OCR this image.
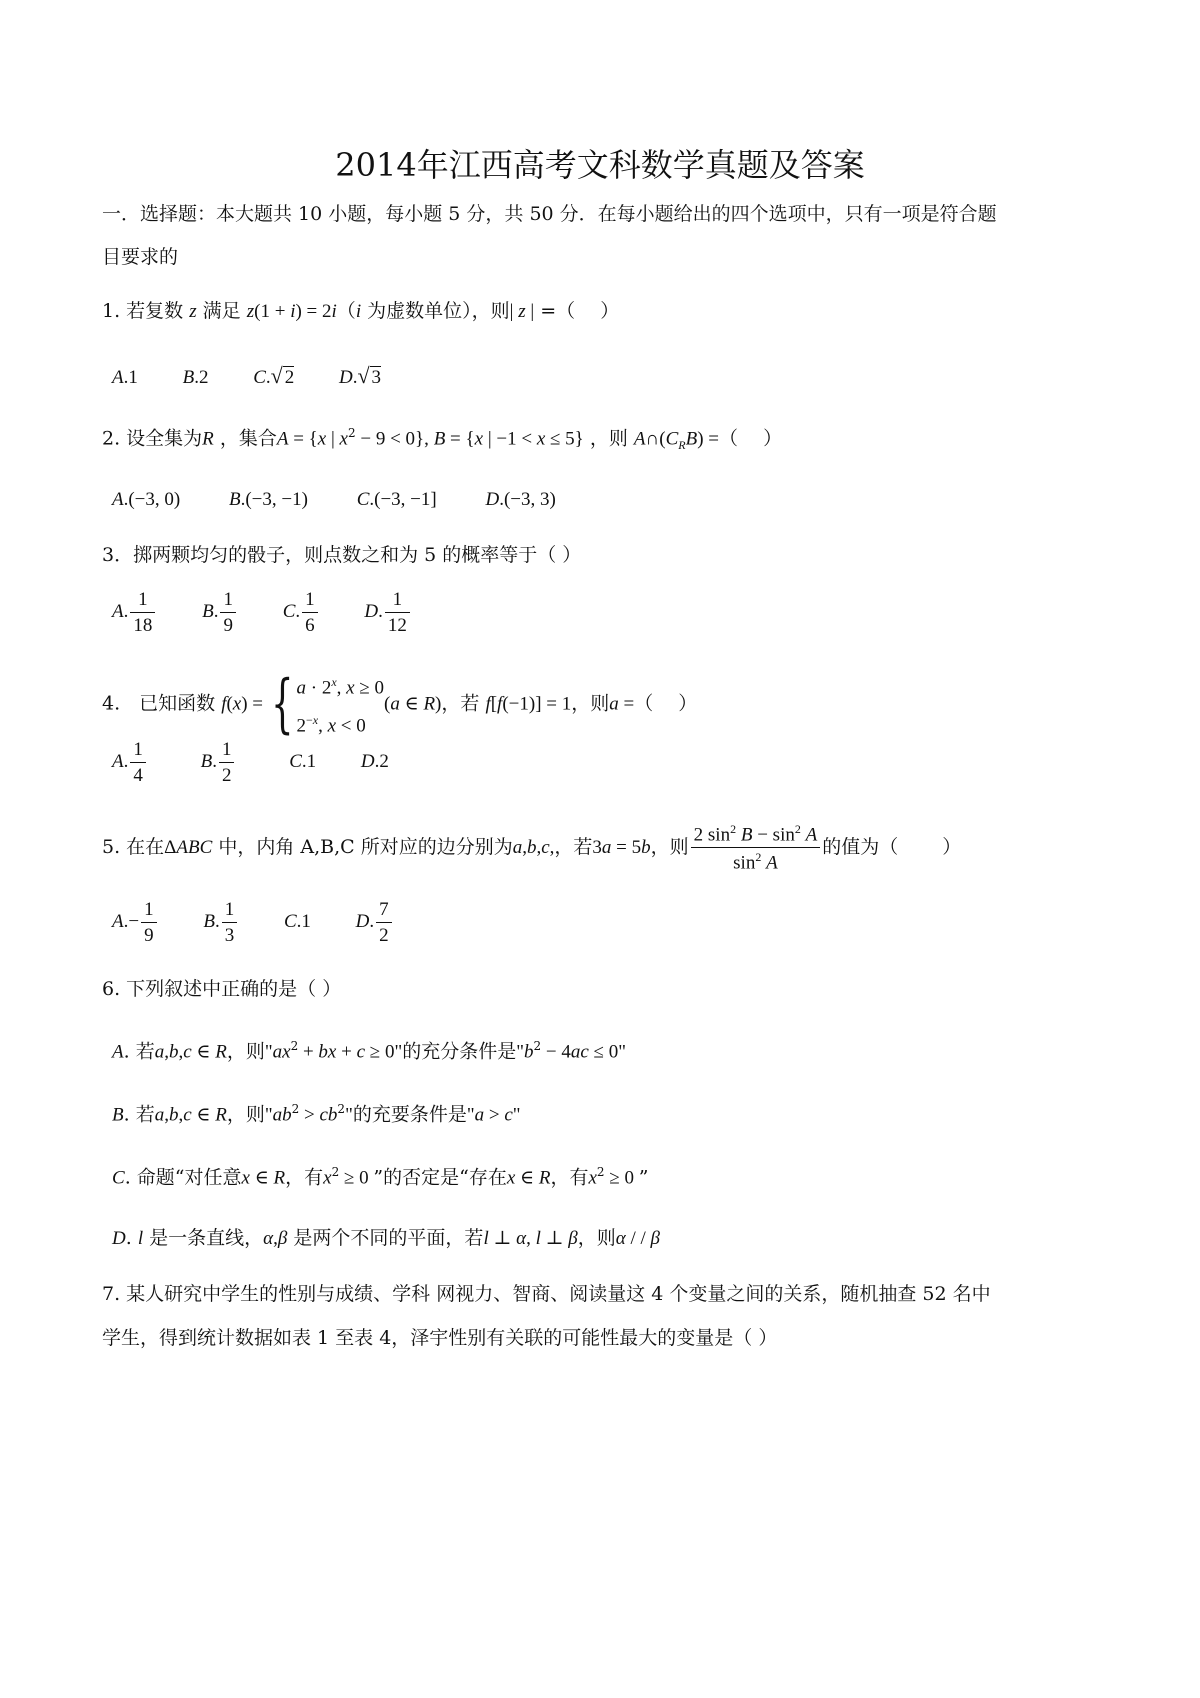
2014年江西高考文科数学真题及答案
一．选择题：本大题共 10 小题，每小题 5 分，共 50 分．在每小题给出的四个选项中，只有一项是符合题
目要求的
1. 若复数 z 满足 z(1 + i) = 2i（i 为虚数单位），则| z | =（　 ）
A.1 B.2 C.√ 2 D.√ 3
2. 设全集为R ，集合A = {x | $x^2 - 9 < 0$}, B = {x | −1 < x ≤ 5} ，则 $A\cap(C_RB)$ =（　 ）
A.(−3, 0)	B.(−3, −1)	C.(−3, −1]	D.(−3, 3)
3．掷两颗均匀的骰子，则点数之和为 5 的概率等于（ ）
A. $\frac{1}{18} B$. $\frac{1}{9} C$. $\frac{1}{6} D$. $\frac{1}{12}$
4.　已知函数 f(x) = { $a \cdot 2^x$, x ≥ 0
$2^{-x}$, x < 0
(a ∈ R)，若 f[f(−1)] = 1，则a =（　 ）
A. $\frac{1}{4}$	B. $\frac{1}{2}$	C.1 D.2
5. 在在ΔABC 中，内角 A,B,C 所对应的边分别为a,b,c,，若3a = 5b，则 $\frac{2 \sin^2 B - \sin^2 A}{\sin^2 A}$ 的值为（　　 ）
$A.- \frac{1}{9} B$. $\frac{1}{3} C.1$ D. $\frac{7}{2}$
6. 下列叙述中正确的是（ ）
A. 若a,b,c ∈ R，则"$ax^2$ + bx + c ≥ 0"的充分条件是"$b^2 - 4ac \le 0$"
B. 若a,b,c ∈ R，则"$ab^2 > cb^2$"的充要条件是"a > c"
C. 命题“对任意x ∈ R，有$x^2 \ge 0$ ”的否定是“存在x ∈ R，有$x^2 \ge 0$ ”
D. l 是一条直线，α,β 是两个不同的平面，若l ⊥ α, l ⊥ β，则α / / β
7. 某人研究中学生的性别与成绩、学科 网视力、智商、阅读量这 4 个变量之间的关系，随机抽查 52 名中
学生，得到统计数据如表 1 至表 4，泽宇性别有关联的可能性最大的变量是（ ）
